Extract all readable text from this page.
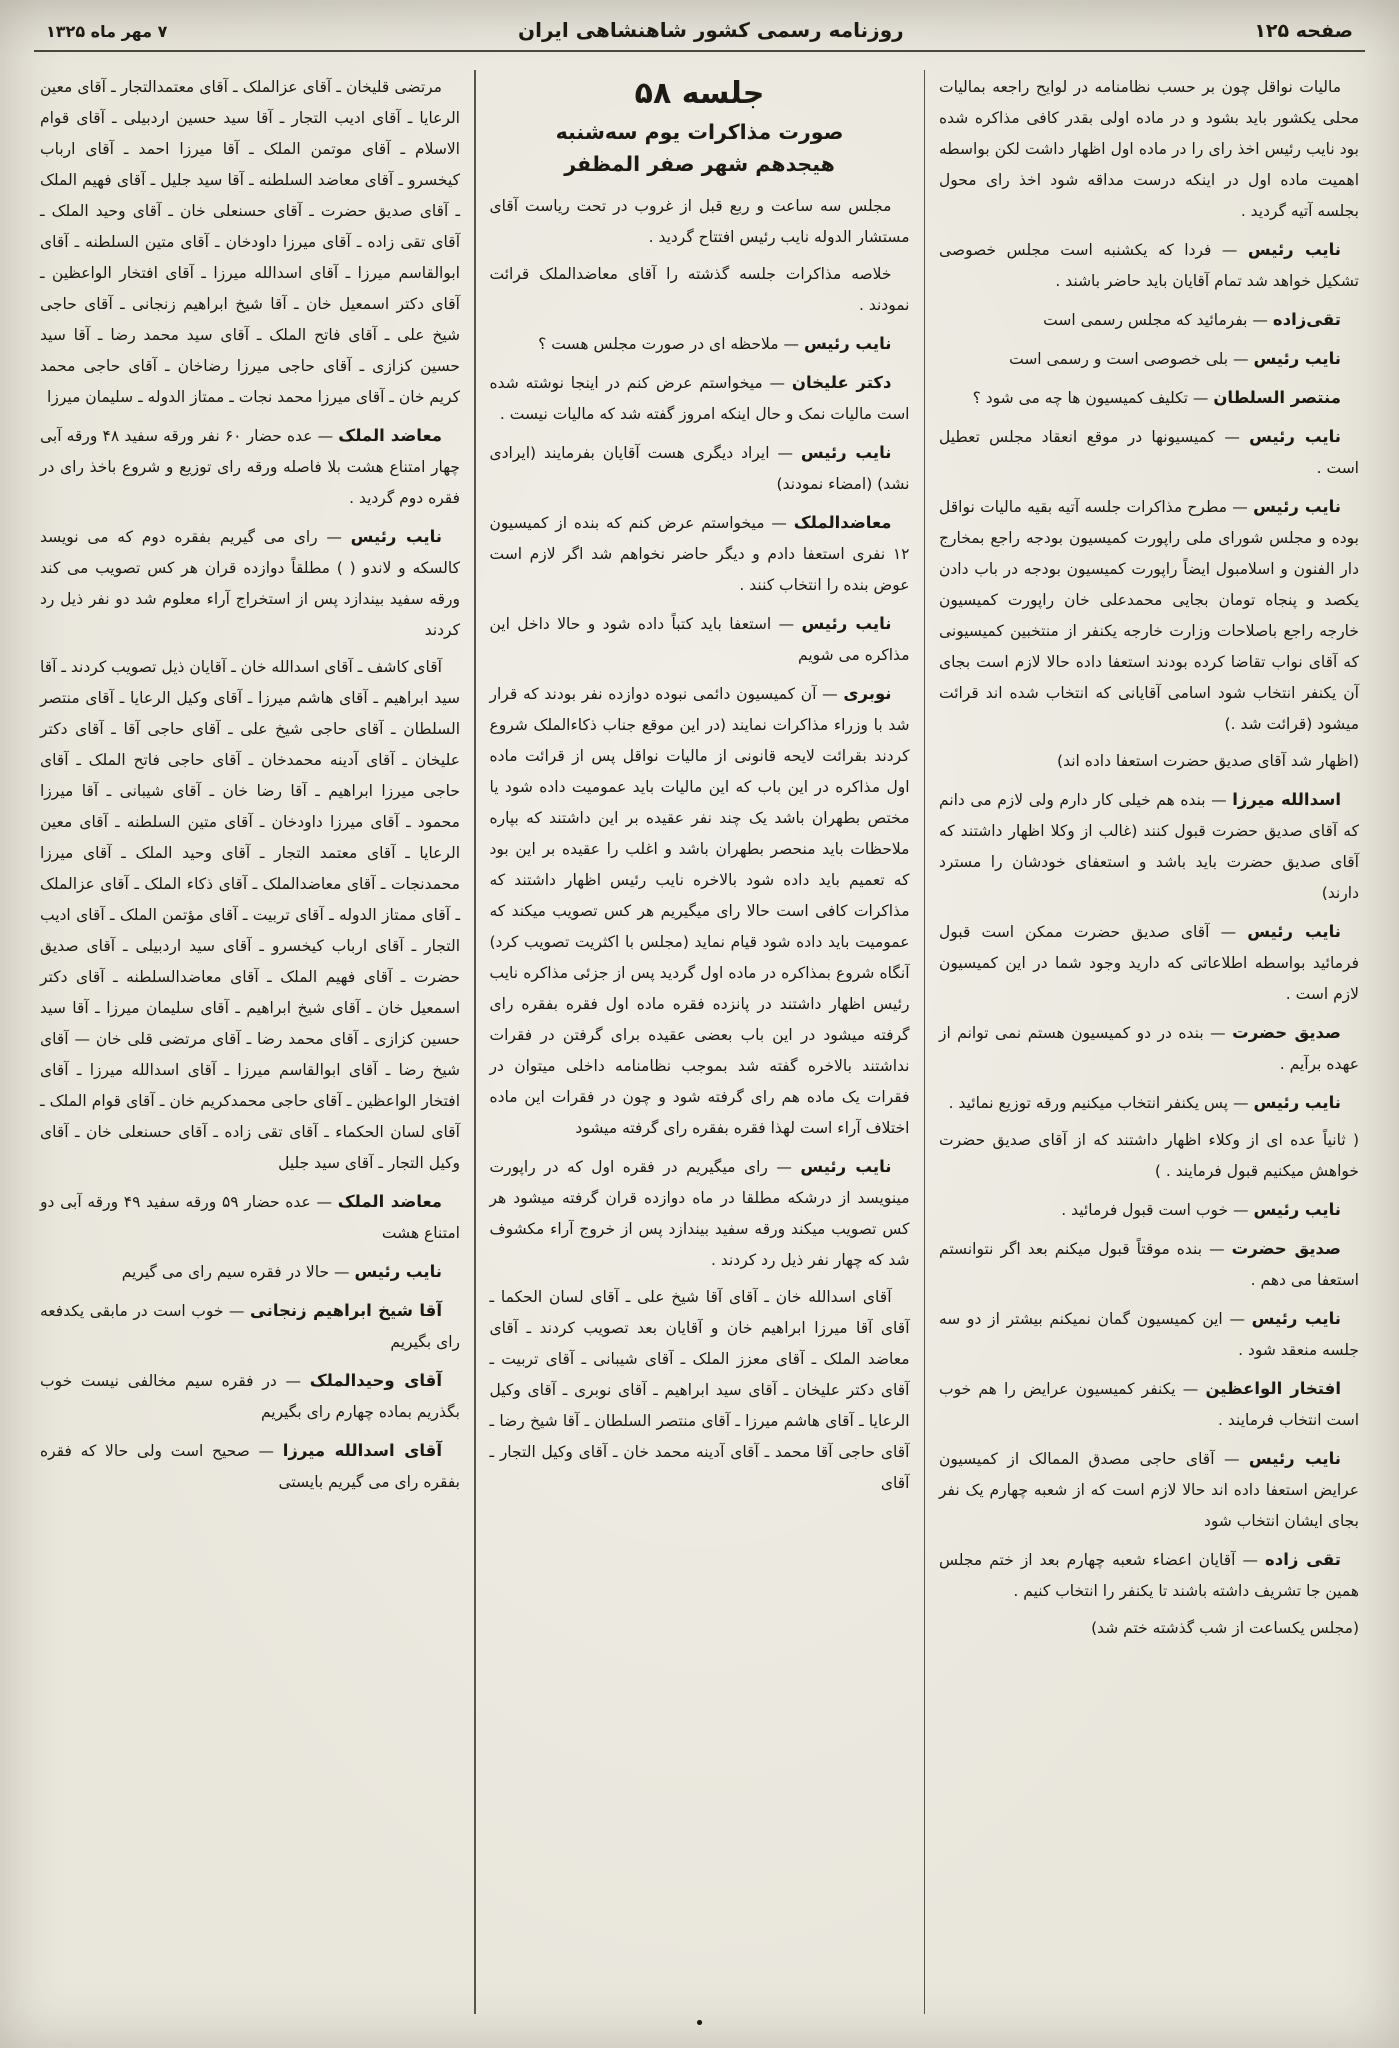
صفحه ۱۲۵
روزنامه رسمی کشور شاهنشاهی ایران
۷ مهر ماه ۱۳۲۵

مالیات نواقل چون بر حسب نظامنامه در لوایح راجعه بمالیات محلی یکشور باید بشود و در ماده اولی بقدر کافی مذاکره شده بود نایب رئیس اخذ رای را در ماده اول اظهار داشت لکن بواسطه اهمیت ماده اول در اینکه درست مداقه شود اخذ رای محول بجلسه آتیه گردید .

نایب رئیس — فردا که یکشنبه است مجلس خصوصی تشکیل خواهد شد تمام آقایان باید حاضر باشند .

تقی‌زاده — بفرمائید که مجلس رسمی است

نایب رئیس — بلی خصوصی است و رسمی است

منتصر السلطان — تکلیف کمیسیون ها چه می شود ؟

نایب رئیس — کمیسیونها در موقع انعقاد مجلس تعطیل است .

نایب رئیس — مطرح مذاکرات جلسه آتیه بقیه مالیات نواقل بوده و مجلس شورای ملی راپورت کمیسیون بودجه راجع بمخارج دار الفنون و اسلامبول ایضاً راپورت کمیسیون بودجه در باب دادن یکصد و پنجاه تومان بجایی محمدعلی خان راپورت کمیسیون خارجه راجع باصلاحات وزارت خارجه یکنفر از منتخبین کمیسیونی که آقای نواب تقاضا کرده بودند استعفا داده حالا لازم است بجای آن یکنفر انتخاب شود اسامی آقایانی که انتخاب شده اند قرائت میشود (قرائت شد .)

(اظهار شد آقای صدیق حضرت استعفا داده اند)

اسدالله میرزا — بنده هم خیلی کار دارم ولی لازم می دانم که آقای صدیق حضرت قبول کنند (غالب از وکلا اظهار داشتند که آقای صدیق حضرت باید باشد و استعفای خودشان را مسترد دارند)

نایب رئیس — آقای صدیق حضرت ممکن است قبول فرمائید بواسطه اطلاعاتی که دارید وجود شما در این کمیسیون لازم است .

صدیق حضرت — بنده در دو کمیسیون هستم نمی توانم از عهده برآیم .

نایب رئیس — پس یکنفر انتخاب میکنیم ورقه توزیع نمائید .

( ثانیاً عده ای از وکلاء اظهار داشتند که از آقای صدیق حضرت خواهش میکنیم قبول فرمایند . )

نایب رئیس — خوب است قبول فرمائید .

صدیق حضرت — بنده موقتاً قبول میکنم بعد اگر نتوانستم استعفا می دهم .

نایب رئیس — این کمیسیون گمان نمیکنم بیشتر از دو سه جلسه منعقد شود .

افتخار الواعظین — یکنفر کمیسیون عرایض را هم خوب است انتخاب فرمایند .

نایب رئیس — آقای حاجی مصدق الممالک از کمیسیون عرایض استعفا داده اند حالا لازم است که از شعبه چهارم یک نفر بجای ایشان انتخاب شود

تقی زاده — آقایان اعضاء شعبه چهارم بعد از ختم مجلس همین جا تشریف داشته باشند تا یکنفر را انتخاب کنیم .

(مجلس یکساعت از شب گذشته ختم شد)

جلسه ۵۸
صورت مذاکرات یوم سه‌شنبه هیجدهم شهر صفر المظفر

مجلس سه ساعت و ربع قبل از غروب در تحت ریاست آقای مستشار الدوله نایب رئیس افتتاح گردید .

خلاصه مذاکرات جلسه گذشته را آقای معاضدالملک قرائت نمودند .

نایب رئیس — ملاحظه ای در صورت مجلس هست ؟

دکتر علیخان — میخواستم عرض کنم در اینجا نوشته شده است مالیات نمک و حال اینکه امروز گفته شد که مالیات نیست .

نایب رئیس — ایراد دیگری هست آقایان بفرمایند (ایرادی نشد) (امضاء نمودند)

معاضدالملک — میخواستم عرض کنم که بنده از کمیسیون ۱۲ نفری استعفا دادم و دیگر حاضر نخواهم شد اگر لازم است عوض بنده را انتخاب کنند .

نایب رئیس — استعفا باید کتباً داده شود و حالا داخل این مذاکره می شویم

نوبری — آن کمیسیون دائمی نبوده دوازده نفر بودند که قرار شد با وزراء مذاکرات نمایند (در این موقع جناب ذکاءالملک شروع کردند بقرائت لایحه قانونی از مالیات نواقل پس از قرائت ماده اول مذاکره در این باب که این مالیات باید عمومیت داده شود یا مختص بطهران باشد یک چند نفر عقیده بر این داشتند که بپاره ملاحظات باید منحصر بطهران باشد و اغلب را عقیده بر این بود که تعمیم باید داده شود بالاخره نایب رئیس اظهار داشتند که مذاکرات کافی است حالا رای میگیریم هر کس تصویب میکند که عمومیت باید داده شود قیام نماید (مجلس با اکثریت تصویب کرد) آنگاه شروع بمذاکره در ماده اول گردید پس از جزئی مذاکره نایب رئیس اظهار داشتند در پانزده فقره ماده اول فقره بفقره رای گرفته میشود در این باب بعضی عقیده برای گرفتن در فقرات نداشتند بالاخره گفته شد بموجب نظامنامه داخلی میتوان در فقرات یک ماده هم رای گرفته شود و چون در فقرات این ماده اختلاف آراء است لهذا فقره بفقره رای گرفته میشود

نایب رئیس — رای میگیریم در فقره اول که در راپورت مینویسد از درشکه مطلقا در ماه دوازده قران گرفته میشود هر کس تصویب میکند ورقه سفید بیندازد پس از خروج آراء مکشوف شد که چهار نفر ذیل رد کردند .

آقای اسدالله خان ـ آقای آقا شیخ علی ـ آقای لسان الحکما ـ آقای آقا میرزا ابراهیم خان و آقایان بعد تصویب کردند ـ آقای معاضد الملک ـ آقای معزز الملک ـ آقای شیبانی ـ آقای تربیت ـ آقای دکتر علیخان ـ آقای سید ابراهیم ـ آقای نوبری ـ آقای وکیل الرعایا ـ آقای هاشم میرزا ـ آقای منتصر السلطان ـ آقا شیخ رضا ـ آقای حاجی آقا محمد ـ آقای آدینه محمد خان ـ آقای وکیل التجار ـ آقای

مرتضی قلیخان ـ آقای عزالملک ـ آقای معتمدالتجار ـ آقای معین الرعایا ـ آقای ادیب التجار ـ آقا سید حسین اردبیلی ـ آقای قوام الاسلام ـ آقای موتمن الملک ـ آقا میرزا احمد ـ آقای ارباب کیخسرو ـ آقای معاضد السلطنه ـ آقا سید جلیل ـ آقای فهیم الملک ـ آقای صدیق حضرت ـ آقای حسنعلی خان ـ آقای وحید الملک ـ آقای تقی زاده ـ آقای میرزا داودخان ـ آقای متین السلطنه ـ آقای ابوالقاسم میرزا ـ آقای اسدالله میرزا ـ آقای افتخار الواعظین ـ آقای دکتر اسمعیل خان ـ آقا شیخ ابراهیم زنجانی ـ آقای حاجی شیخ علی ـ آقای فاتح الملک ـ آقای سید محمد رضا ـ آقا سید حسین کزازی ـ آقای حاجی میرزا رضاخان ـ آقای حاجی محمد کریم خان ـ آقای میرزا محمد نجات ـ ممتاز الدوله ـ سلیمان میرزا

معاضد الملک — عده حضار ۶۰ نفر ورقه سفید ۴۸ ورقه آبی چهار امتناع هشت بلا فاصله ورقه رای توزیع و شروع باخذ رای در فقره دوم گردید .

نایب رئیس — رای می گیریم بفقره دوم که می نویسد کالسکه و لاندو ( ) مطلقاً دوازده قران هر کس تصویب می کند ورقه سفید بیندازد پس از استخراج آراء معلوم شد دو نفر ذیل رد کردند

آقای کاشف ـ آقای اسدالله خان ـ آقایان ذیل تصویب کردند ـ آقا سید ابراهیم ـ آقای هاشم میرزا ـ آقای وکیل الرعایا ـ آقای منتصر السلطان ـ آقای حاجی شیخ علی ـ آقای حاجی آقا ـ آقای دکتر علیخان ـ آقای آدینه محمدخان ـ آقای حاجی فاتح الملک ـ آقای حاجی میرزا ابراهیم ـ آقا رضا خان ـ آقای شیبانی ـ آقا میرزا محمود ـ آقای میرزا داودخان ـ آقای متین السلطنه ـ آقای معین الرعایا ـ آقای معتمد التجار ـ آقای وحید الملک ـ آقای میرزا محمدنجات ـ آقای معاضدالملک ـ آقای ذکاء الملک ـ آقای عزالملک ـ آقای ممتاز الدوله ـ آقای تربیت ـ آقای مؤتمن الملک ـ آقای ادیب التجار ـ آقای ارباب کیخسرو ـ آقای سید اردبیلی ـ آقای صدیق حضرت ـ آقای فهیم الملک ـ آقای معاضدالسلطنه ـ آقای دکتر اسمعیل خان ـ آقای شیخ ابراهیم ـ آقای سلیمان میرزا ـ آقا سید حسین کزازی ـ آقای محمد رضا ـ آقای مرتضی قلی خان — آقای شیخ رضا ـ آقای ابوالقاسم میرزا ـ آقای اسدالله میرزا ـ آقای افتخار الواعظین ـ آقای حاجی محمدکریم خان ـ آقای قوام الملک ـ آقای لسان الحکماء ـ آقای تقی زاده ـ آقای حسنعلی خان ـ آقای وکیل التجار ـ آقای سید جلیل

معاضد الملک — عده حضار ۵۹ ورقه سفید ۴۹ ورقه آبی دو امتناع هشت

نایب رئیس — حالا در فقره سیم رای می گیریم

آقا شیخ ابراهیم زنجانی — خوب است در مابقی یکدفعه رای بگیریم

آقای وحیدالملک — در فقره سیم مخالفی نیست خوب بگذریم بماده چهارم رای بگیریم

آقای اسدالله میرزا — صحیح است ولی حالا که فقره بفقره رای می گیریم بایستی

•
